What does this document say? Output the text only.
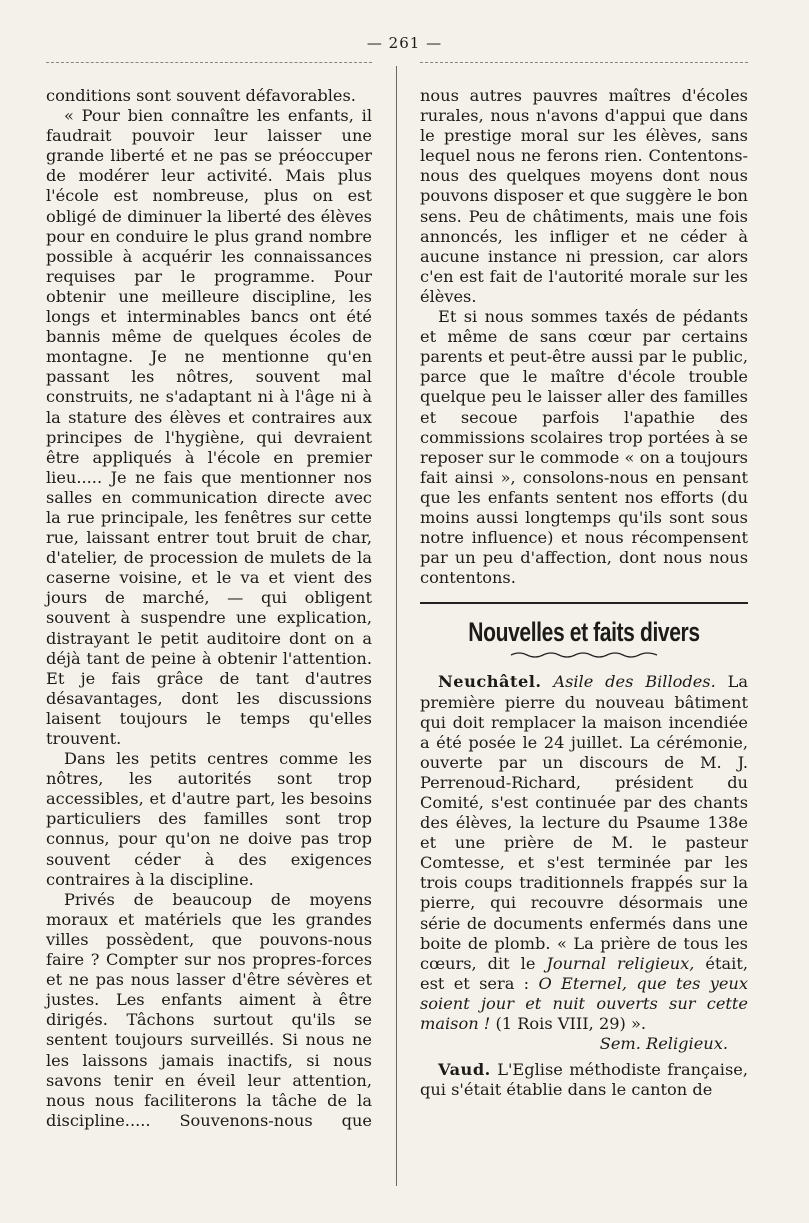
— 261 —

conditions sont souvent défavorables.

« Pour bien connaître les enfants, il faudrait pouvoir leur laisser une grande liberté et ne pas se préoccuper de modérer leur activité. Mais plus l'école est nombreuse, plus on est obligé de diminuer la liberté des élèves pour en conduire le plus grand nombre possible à acquérir les connaissances requises par le programme. Pour obtenir une meilleure discipline, les longs et interminables bancs ont été bannis même de quelques écoles de montagne. Je ne mentionne qu'en passant les nôtres, souvent mal construits, ne s'adaptant ni à l'âge ni à la stature des élèves et contraires aux principes de l'hygiène, qui devraient être appliqués à l'école en premier lieu..... Je ne fais que mentionner nos salles en communication directe avec la rue principale, les fenêtres sur cette rue, laissant entrer tout bruit de char, d'atelier, de procession de mulets de la caserne voisine, et le va et vient des jours de marché, — qui obligent souvent à suspendre une explication, distrayant le petit auditoire dont on a déjà tant de peine à obtenir l'attention. Et je fais grâce de tant d'autres désavantages, dont les discussions laisent toujours le temps qu'elles trouvent.

Dans les petits centres comme les nôtres, les autorités sont trop accessibles, et d'autre part, les besoins particuliers des familles sont trop connus, pour qu'on ne doive pas trop souvent céder à des exigences contraires à la discipline.

Privés de beaucoup de moyens moraux et matériels que les grandes villes possèdent, que pouvons-nous faire ? Compter sur nos propres-forces et ne pas nous lasser d'être sévères et justes. Les enfants aiment à être dirigés. Tâchons surtout qu'ils se sentent toujours surveillés. Si nous ne les laissons jamais inactifs, si nous savons tenir en éveil leur attention, nous nous faciliterons la tâche de la discipline..... Souvenons-nous que

nous autres pauvres maîtres d'écoles rurales, nous n'avons d'appui que dans le prestige moral sur les élèves, sans lequel nous ne ferons rien. Contentons-nous des quelques moyens dont nous pouvons disposer et que suggère le bon sens. Peu de châtiments, mais une fois annoncés, les infliger et ne céder à aucune instance ni pression, car alors c'en est fait de l'autorité morale sur les élèves.

Et si nous sommes taxés de pédants et même de sans cœur par certains parents et peut-être aussi par le public, parce que le maître d'école trouble quelque peu le laisser aller des familles et secoue parfois l'apathie des commissions scolaires trop portées à se reposer sur le commode « on a toujours fait ainsi », consolons-nous en pensant que les enfants sentent nos efforts (du moins aussi longtemps qu'ils sont sous notre influence) et nous récompensent par un peu d'affection, dont nous nous contentons.

Nouvelles et faits divers

Neuchâtel. Asile des Billodes. La première pierre du nouveau bâtiment qui doit remplacer la maison incendiée a été posée le 24 juillet. La cérémonie, ouverte par un discours de M. J. Perrenoud-Richard, président du Comité, s'est continuée par des chants des élèves, la lecture du Psaume 138e et une prière de M. le pasteur Comtesse, et s'est terminée par les trois coups traditionnels frappés sur la pierre, qui recouvre désormais une série de documents enfermés dans une boite de plomb. « La prière de tous les cœurs, dit le Journal religieux, était, est et sera : O Eternel, que tes yeux soient jour et nuit ouverts sur cette maison ! (1 Rois VIII, 29) ».

Sem. Religieux.

Vaud. L'Eglise méthodiste française, qui s'était établie dans le canton de
